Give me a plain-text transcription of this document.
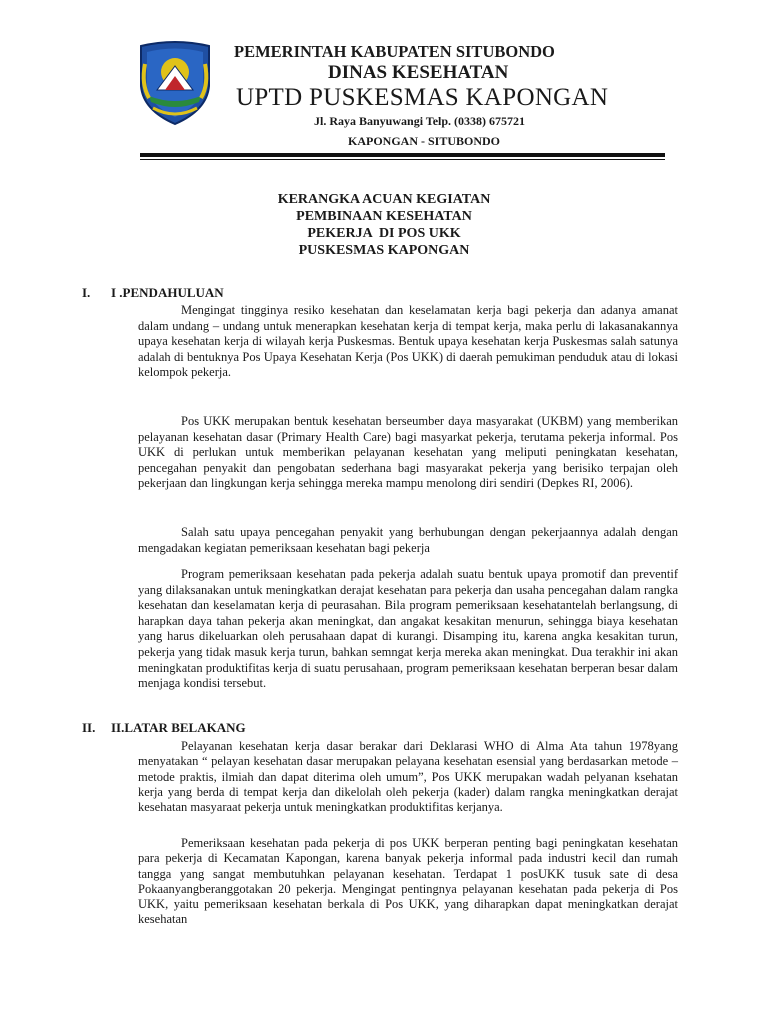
PEMERINTAH KABUPATEN SITUBONDO
DINAS KESEHATAN
UPTD PUSKESMAS KAPONGAN
Jl. Raya Banyuwangi Telp. (0338) 675721
KAPONGAN - SITUBONDO
KERANGKA ACUAN KEGIATAN
PEMBINAAN KESEHATAN
PEKERJA  DI POS UKK
PUSKESMAS KAPONGAN
I. I .PENDAHULUAN
Mengingat tingginya resiko kesehatan dan keselamatan kerja bagi pekerja dan adanya amanat dalam undang – undang untuk menerapkan kesehatan kerja di tempat kerja, maka perlu di lakasanakannya upaya kesehatan kerja di wilayah kerja Puskesmas. Bentuk upaya kesehatan kerja Puskesmas salah satunya adalah di bentuknya Pos Upaya Kesehatan Kerja (Pos UKK) di daerah pemukiman penduduk atau di lokasi kelompok pekerja.
Pos UKK merupakan bentuk kesehatan berseumber daya masyarakat (UKBM) yang memberikan pelayanan kesehatan dasar (Primary Health Care) bagi masyarkat pekerja, terutama pekerja informal. Pos UKK di perlukan untuk memberikan pelayanan kesehatan yang meliputi peningkatan kesehatan, pencegahan penyakit dan pengobatan sederhana bagi masyarakat pekerja yang berisiko terpajan oleh pekerjaan dan lingkungan kerja sehingga mereka mampu menolong diri sendiri (Depkes RI, 2006).
Salah satu upaya pencegahan penyakit yang berhubungan dengan pekerjaannya adalah dengan mengadakan kegiatan pemeriksaan kesehatan bagi pekerja
Program pemeriksaan kesehatan pada pekerja adalah suatu bentuk upaya promotif dan preventif yang dilaksanakan untuk meningkatkan derajat kesehatan para pekerja dan usaha pencegahan dalam rangka kesehatan dan keselamatan kerja di peurasahan. Bila program pemeriksaan kesehatantelah berlangsung, di harapkan daya tahan pekerja akan meningkat, dan angakat kesakitan menurun, sehingga biaya kesehatan yang harus dikeluarkan oleh perusahaan dapat di kurangi. Disamping itu, karena angka kesakitan turun, pekerja yang tidak masuk kerja turun, bahkan semngat kerja mereka akan meningkat. Dua terakhir ini akan meningkatan produktifitas kerja di suatu perusahaan, program pemeriksaan kesehatan berperan besar dalam menjaga kondisi tersebut.
II. II.LATAR BELAKANG
Pelayanan kesehatan kerja dasar berakar dari Deklarasi WHO di Alma Ata tahun 1978yang menyatakan “ pelayan kesehatan dasar merupakan pelayana kesehatan esensial yang berdasarkan metode – metode praktis, ilmiah dan dapat diterima oleh umum”, Pos UKK merupakan wadah pelyanan ksehatan kerja yang berda di tempat kerja dan dikelolah oleh pekerja (kader) dalam rangka meningkatkan derajat kesehatan masyaraat pekerja untuk meningkatkan produktifitas kerjanya.
Pemeriksaan kesehatan pada pekerja di pos UKK berperan penting bagi peningkatan kesehatan para pekerja di Kecamatan Kapongan, karena banyak pekerja informal pada industri kecil dan rumah tangga yang sangat membutuhkan pelayanan kesehatan. Terdapat 1 posUKK tusuk sate di desa Pokaanyangberanggotakan 20 pekerja. Mengingat pentingnya pelayanan kesehatan pada pekerja di Pos UKK, yaitu pemeriksaan kesehatan berkala di Pos UKK, yang diharapkan dapat meningkatkan derajat kesehatan
